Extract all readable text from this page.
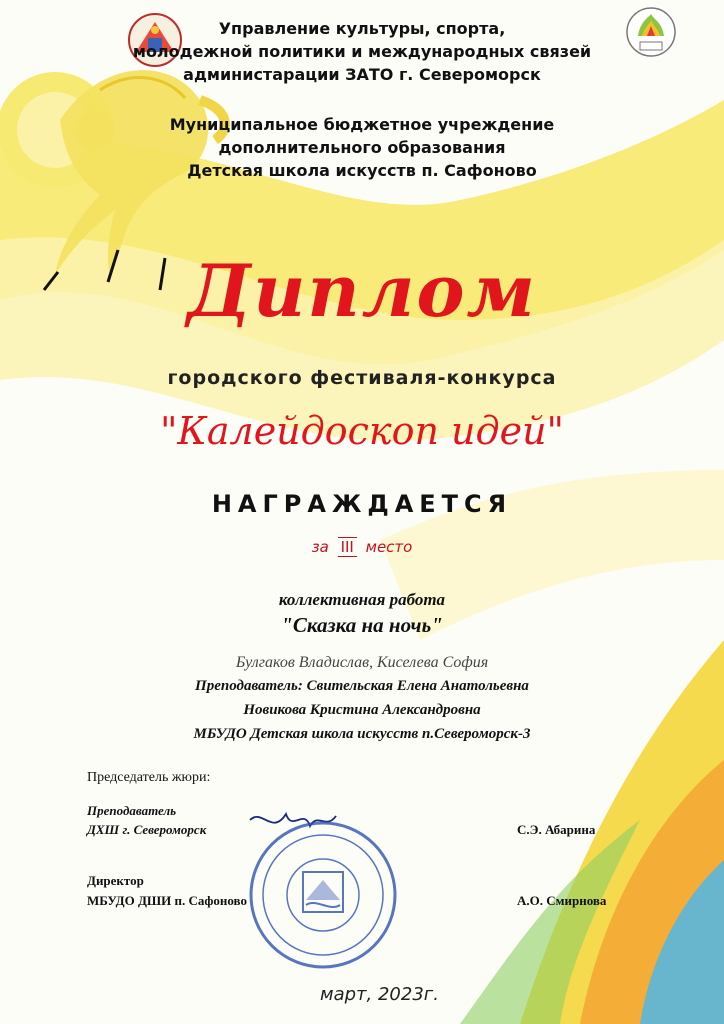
Управление культуры, спорта,

молодежной политики и международных связей

администарации ЗАТО г. Североморск

Муниципальное бюджетное учреждение

дополнительного образования

Детская школа искусств п. Сафоново

Диплом

городского фестиваля-конкурса

"Калейдоскоп идей"

НАГРАЖДАЕТСЯ

за III место

коллективная работа

"Сказка на ночь"

Булгаков Владислав, Киселева София

Преподаватель: Свительская Елена Анатольевна

Новикова Кристина Александровна

МБУДО Детская школа искусств п.Североморск-3

Председатель жюри:
Преподаватель
ДХШ г. Североморск	С.Э. Абарина
Директор
МБУДО ДШИ п. Сафоново	А.О. Смирнова
март, 2023г.
